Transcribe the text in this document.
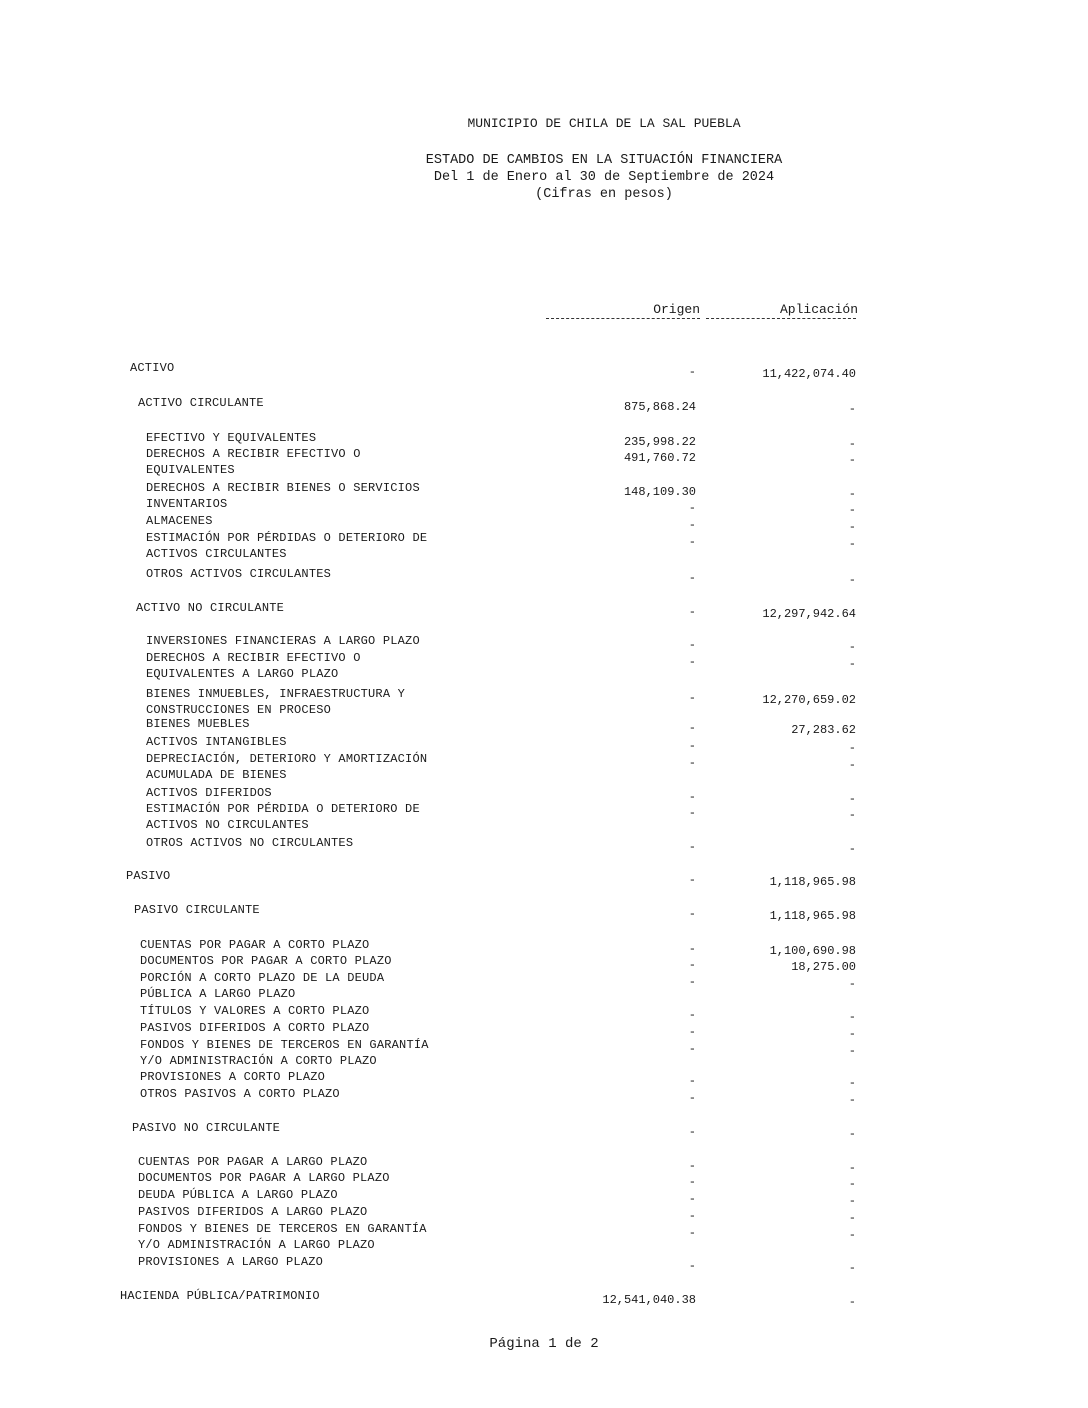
MUNICIPIO DE CHILA DE LA SAL PUEBLA
ESTADO DE CAMBIOS EN LA SITUACIÓN FINANCIERA
Del 1 de Enero al 30 de Septiembre de 2024
(Cifras en pesos)
Origen	Aplicación
ACTIVO	-	11,422,074.40
ACTIVO CIRCULANTE	875,868.24	-
EFECTIVO Y EQUIVALENTES	235,998.22	-
DERECHOS A RECIBIR EFECTIVO O
EQUIVALENTES
491,760.72	-
DERECHOS A RECIBIR BIENES O SERVICIOS	148,109.30	-
INVENTARIOS	-	-
ALMACENES	-	-
ESTIMACIÓN POR PÉRDIDAS O DETERIORO DE
ACTIVOS CIRCULANTES
-	-
OTROS ACTIVOS CIRCULANTES	-	-
ACTIVO NO CIRCULANTE	-	12,297,942.64
INVERSIONES FINANCIERAS A LARGO PLAZO	-	-
DERECHOS A RECIBIR EFECTIVO O
EQUIVALENTES A LARGO PLAZO
-	-
BIENES INMUEBLES, INFRAESTRUCTURA Y
CONSTRUCCIONES EN PROCESO
-	12,270,659.02
BIENES MUEBLES	-	27,283.62
ACTIVOS INTANGIBLES	-	-
DEPRECIACIÓN, DETERIORO Y AMORTIZACIÓN
ACUMULADA DE BIENES
-	-
ACTIVOS DIFERIDOS	-	-
ESTIMACIÓN POR PÉRDIDA O DETERIORO DE
ACTIVOS NO CIRCULANTES
-	-
OTROS ACTIVOS NO CIRCULANTES	-	-
PASIVO	-	1,118,965.98
PASIVO CIRCULANTE	-	1,118,965.98
CUENTAS POR PAGAR A CORTO PLAZO	-	1,100,690.98
DOCUMENTOS POR PAGAR A CORTO PLAZO	-	18,275.00
PORCIÓN A CORTO PLAZO DE LA DEUDA
PÚBLICA A LARGO PLAZO
-	-
TÍTULOS Y VALORES A CORTO PLAZO	-	-
PASIVOS DIFERIDOS A CORTO PLAZO	-	-
FONDOS Y BIENES DE TERCEROS EN GARANTÍA
Y/O ADMINISTRACIÓN A CORTO PLAZO
-	-
PROVISIONES A CORTO PLAZO	-	-
OTROS PASIVOS A CORTO PLAZO	-	-
PASIVO NO CIRCULANTE	-	-
CUENTAS POR PAGAR A LARGO PLAZO	-	-
DOCUMENTOS POR PAGAR A LARGO PLAZO	-	-
DEUDA PÚBLICA A LARGO PLAZO	-	-
PASIVOS DIFERIDOS A LARGO PLAZO	-	-
FONDOS Y BIENES DE TERCEROS EN GARANTÍA
Y/O ADMINISTRACIÓN A LARGO PLAZO
-	-
PROVISIONES A LARGO PLAZO	-	-
HACIENDA PÚBLICA/PATRIMONIO	12,541,040.38	-
Página 1 de 2
